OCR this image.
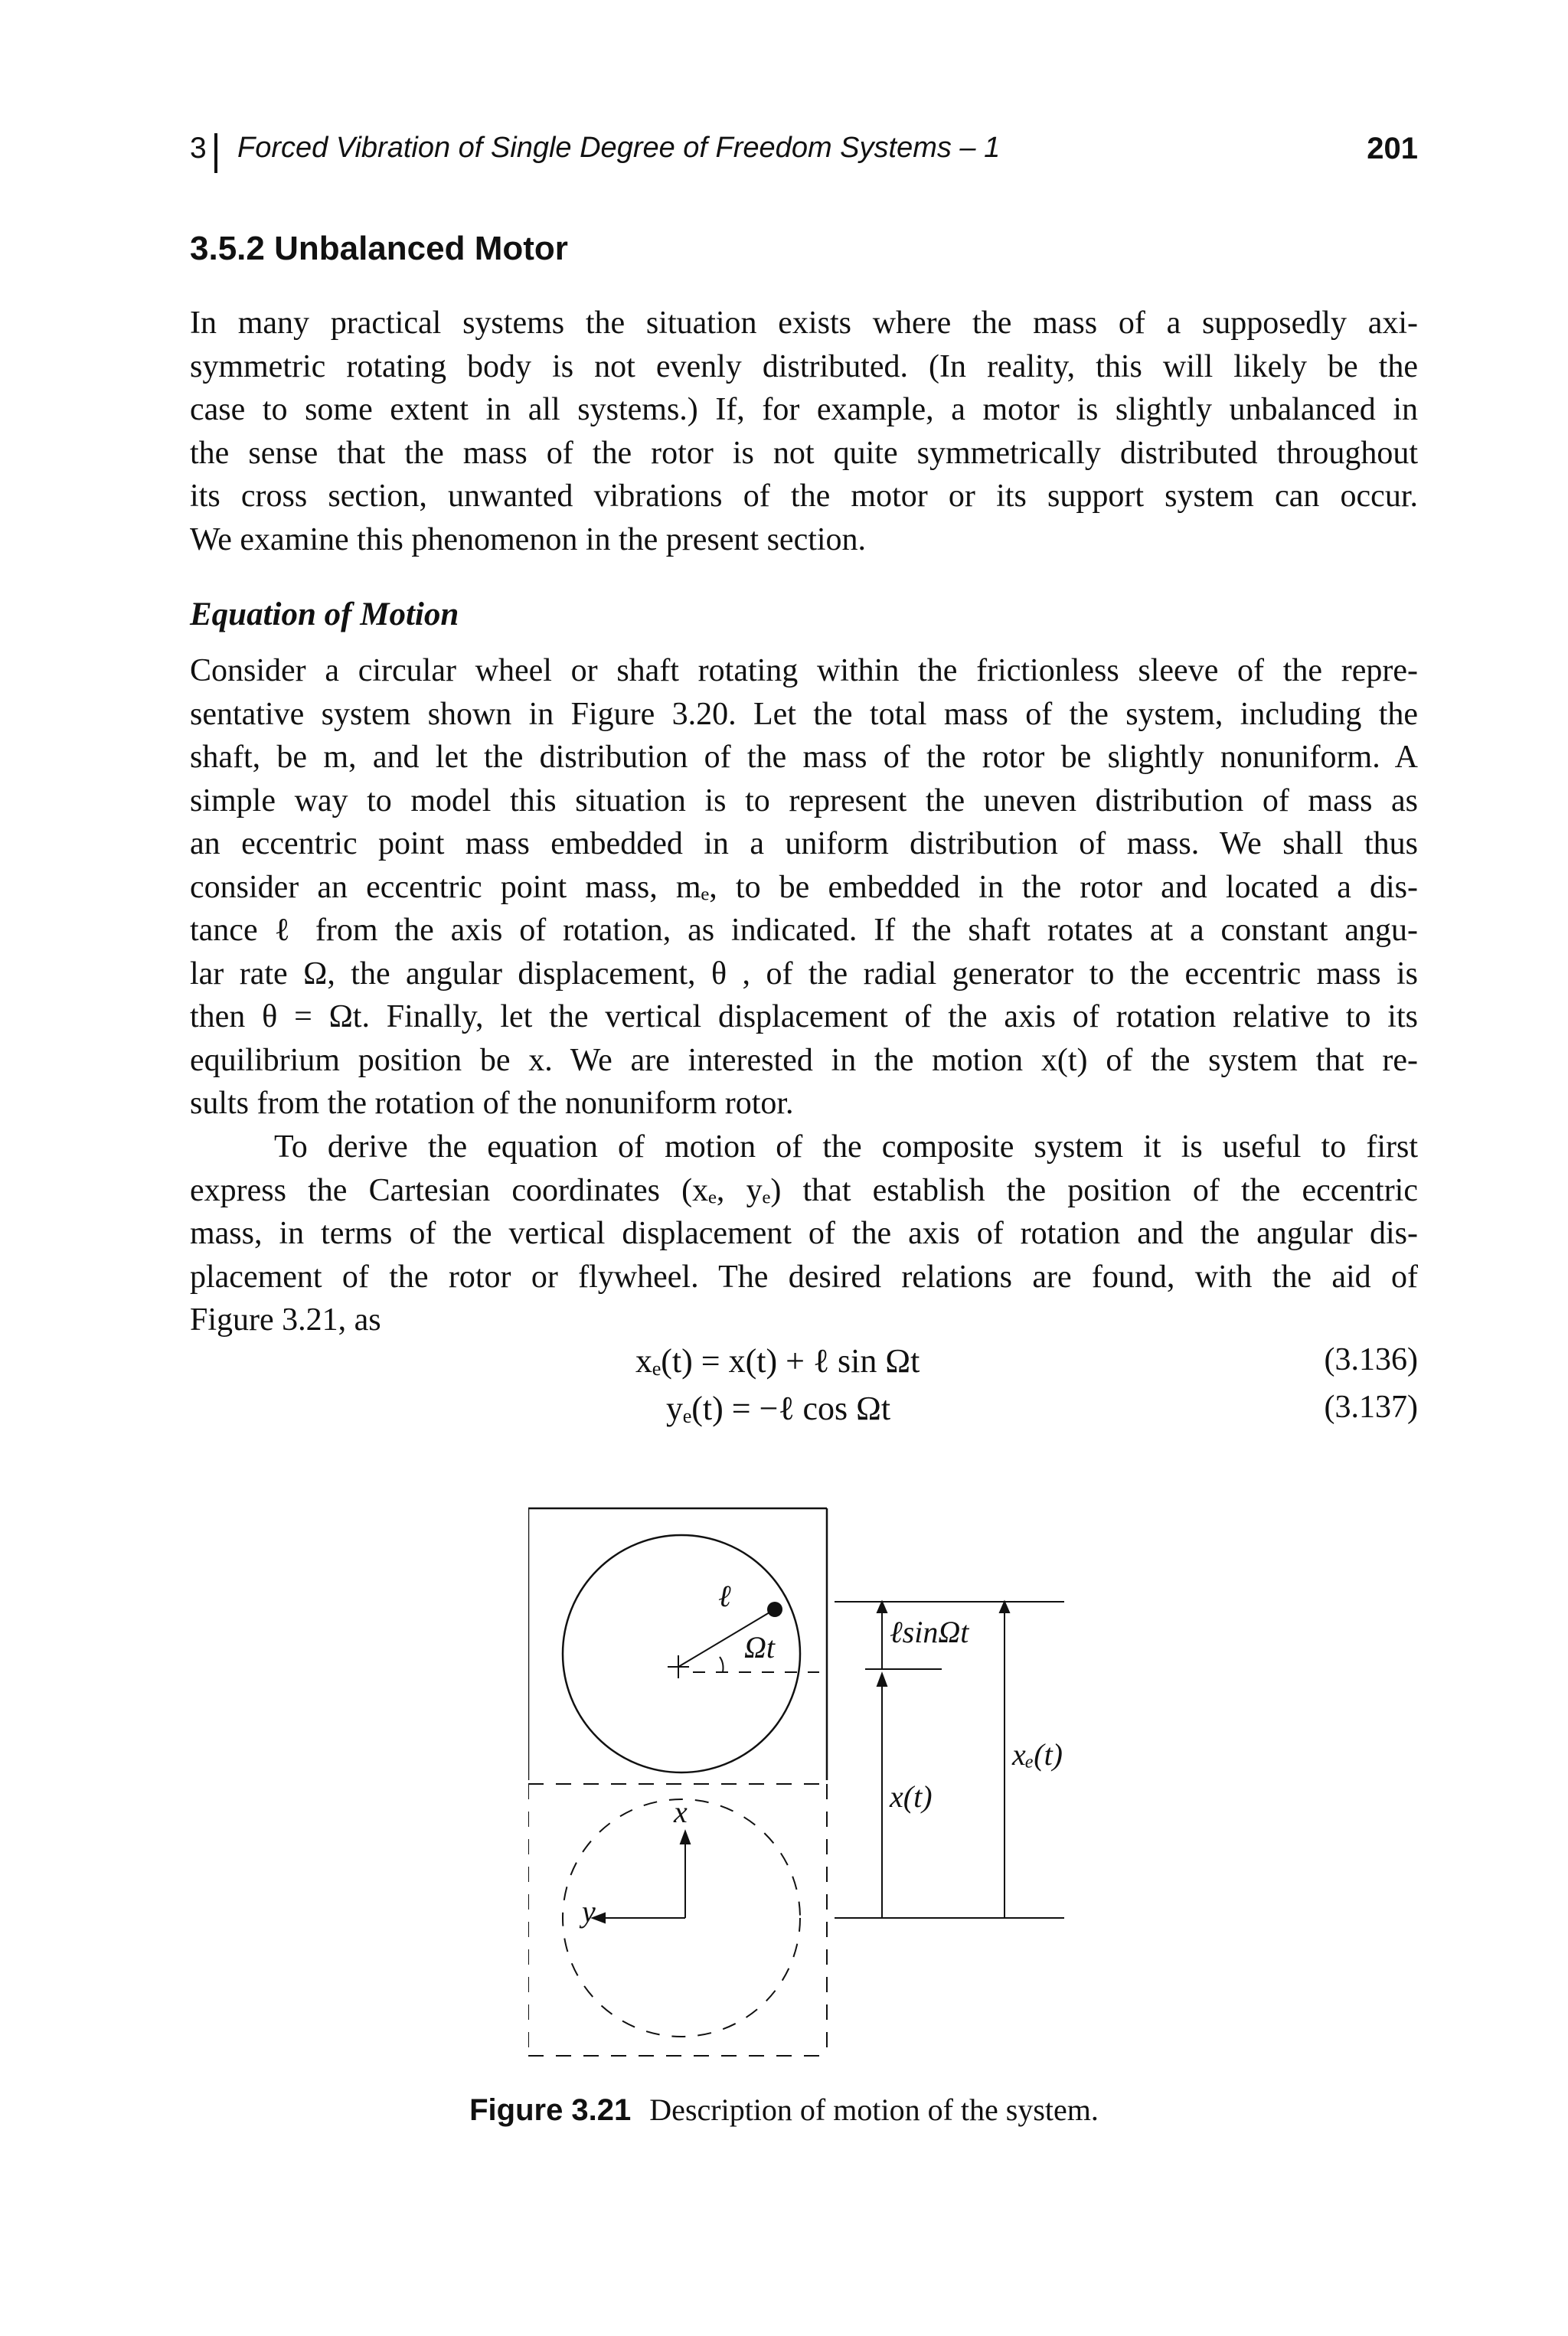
3 Forced Vibration of Single Degree of Freedom Systems – 1	201
3.5.2 Unbalanced Motor
In many practical systems the situation exists where the mass of a supposedly axi-
symmetric rotating body is not evenly distributed. (In reality, this will likely be the
case to some extent in all systems.) If, for example, a motor is slightly unbalanced in
the sense that the mass of the rotor is not quite symmetrically distributed throughout
its cross section, unwanted vibrations of the motor or its support system can occur.
We examine this phenomenon in the present section.
Equation of Motion
Consider a circular wheel or shaft rotating within the frictionless sleeve of the repre-
sentative system shown in Figure 3.20. Let the total mass of the system, including the
shaft, be m, and let the distribution of the mass of the rotor be slightly nonuniform. A
simple way to model this situation is to represent the uneven distribution of mass as
an eccentric point mass embedded in a uniform distribution of mass. We shall thus
consider an eccentric point mass, mₑ, to be embedded in the rotor and located a dis-
tance ℓ from the axis of rotation, as indicated. If the shaft rotates at a constant angu-
lar rate Ω, the angular displacement, θ , of the radial generator to the eccentric mass is
then θ = Ωt. Finally, let the vertical displacement of the axis of rotation relative to its
equilibrium position be x. We are interested in the motion x(t) of the system that re-
sults from the rotation of the nonuniform rotor.
To derive the equation of motion of the composite system it is useful to first
express the Cartesian coordinates (xₑ, yₑ) that establish the position of the eccentric
mass, in terms of the vertical displacement of the axis of rotation and the angular dis-
placement of the rotor or flywheel. The desired relations are found, with the aid of
Figure 3.21, as
xₑ(t) = x(t) + ℓ sin Ωt	(3.136)
yₑ(t) = −ℓ cos Ωt	(3.137)
ℓ
Ωt
x
y
ℓsinΩt
x(t)
xₑ(t)
Figure 3.21 Description of motion of the system.
